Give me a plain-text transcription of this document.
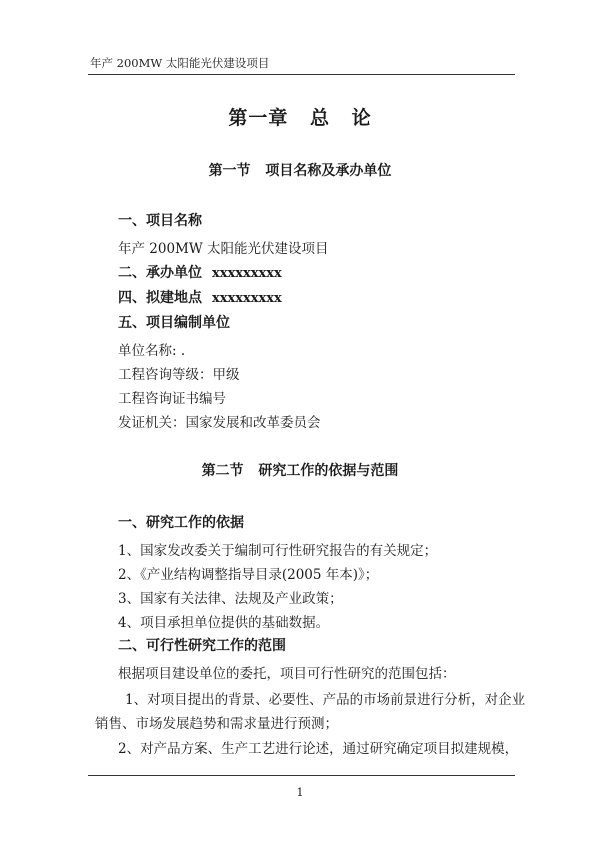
年产 200MW 太阳能光伏建设项目
第一章 总 论
第一节 项目名称及承办单位
一、项目名称
年产 200MW 太阳能光伏建设项目
二、承办单位 xxxxxxxxx
四、拟建地点 xxxxxxxxx
五、项目编制单位
单位名称: .
工程咨询等级：甲级
工程咨询证书编号
发证机关：国家发展和改革委员会
第二节 研究工作的依据与范围
一、研究工作的依据
1、国家发改委关于编制可行性研究报告的有关规定；
2、《产业结构调整指导目录(2005 年本)》；
3、国家有关法律、法规及产业政策；
4、项目承担单位提供的基础数据。
二、可行性研究工作的范围
根据项目建设单位的委托，项目可行性研究的范围包括：
1、对项目提出的背景、必要性、产品的市场前景进行分析，对企业
销售、市场发展趋势和需求量进行预测；
2、对产品方案、生产工艺进行论述，通过研究确定项目拟建规模，
1
